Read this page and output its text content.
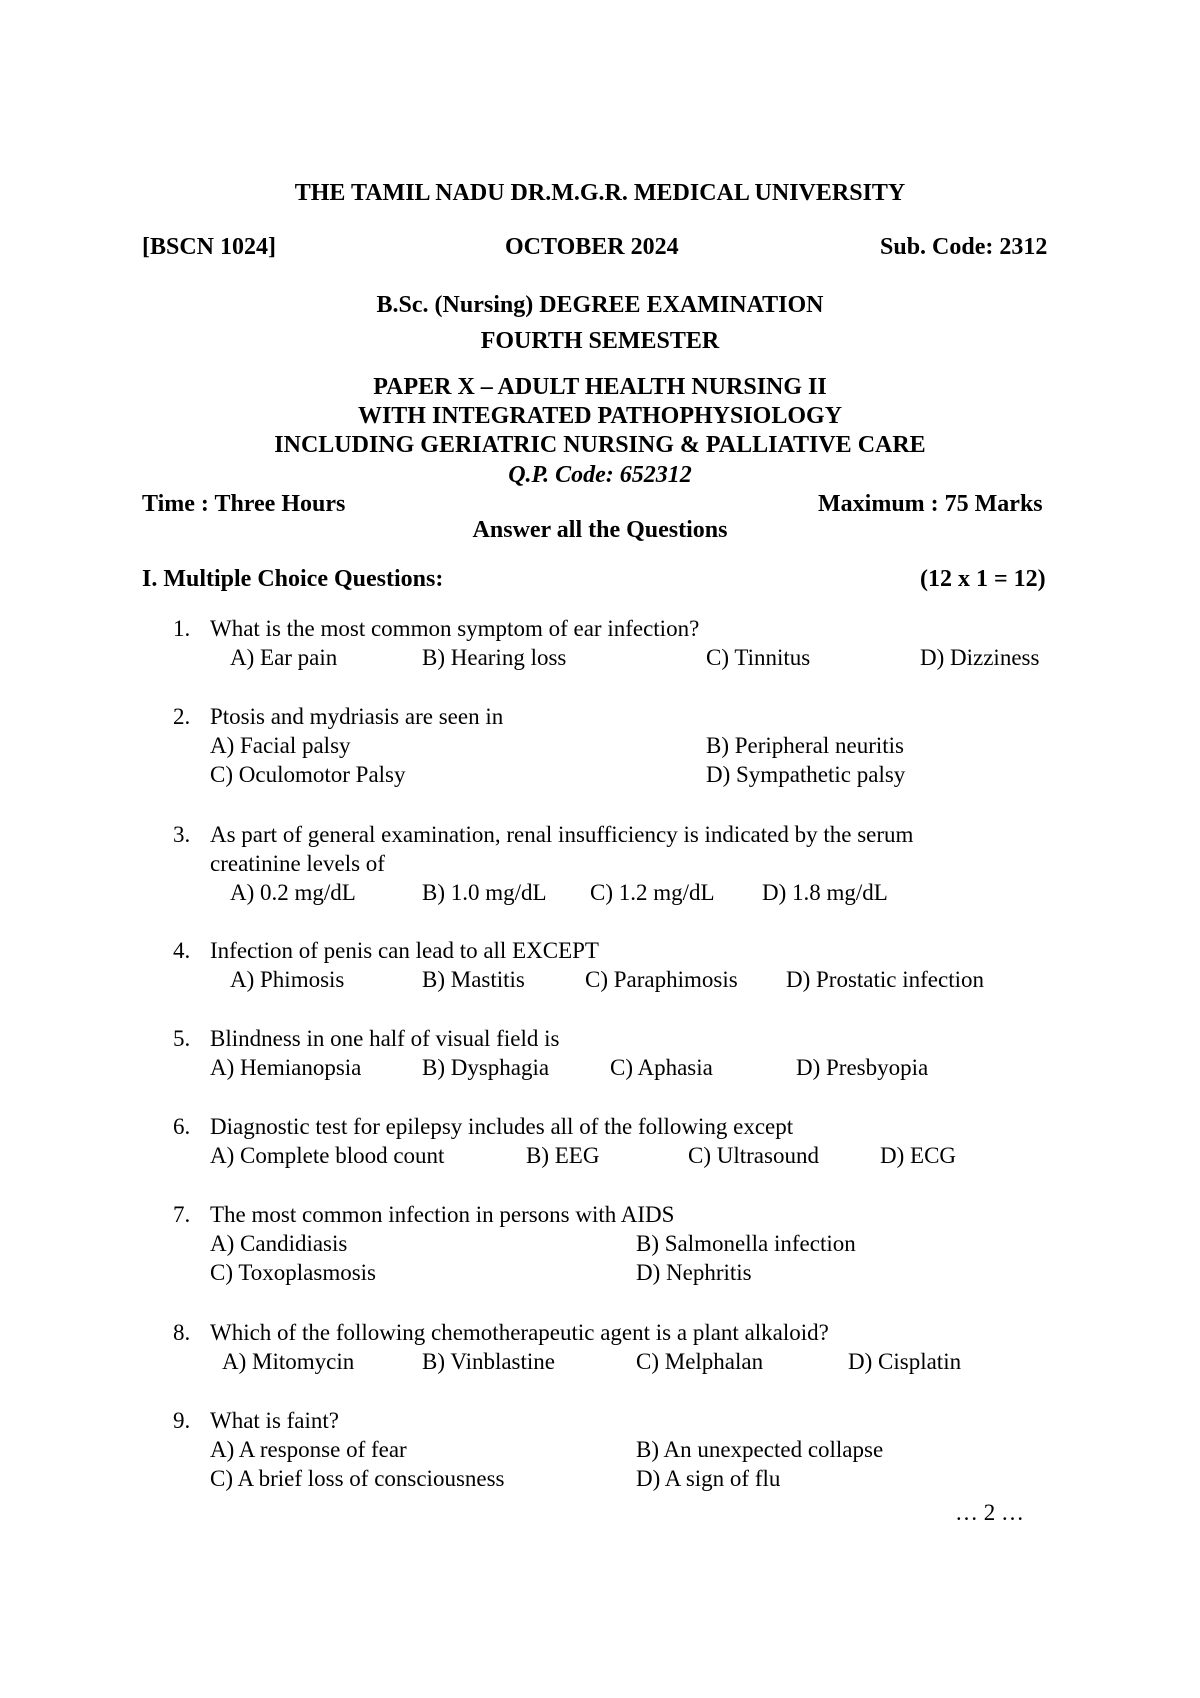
THE TAMIL NADU DR.M.G.R. MEDICAL UNIVERSITY
[BSCN 1024]	OCTOBER 2024	Sub. Code: 2312
B.Sc. (Nursing) DEGREE EXAMINATION
FOURTH SEMESTER
PAPER X – ADULT HEALTH NURSING II
WITH INTEGRATED PATHOPHYSIOLOGY
INCLUDING GERIATRIC NURSING & PALLIATIVE CARE
Q.P. Code: 652312
Time : Three Hours	Maximum : 75 Marks
Answer all the Questions
I. Multiple Choice Questions:	(12 x 1 = 12)
1. What is the most common symptom of ear infection?
A) Ear pain	B) Hearing loss	C) Tinnitus	D) Dizziness
2. Ptosis and mydriasis are seen in
A) Facial palsy	B) Peripheral neuritis
C) Oculomotor Palsy	D) Sympathetic palsy
3. As part of general examination, renal insufficiency is indicated by the serum
creatinine levels of
A) 0.2 mg/dL	B) 1.0 mg/dL C) 1.2 mg/dL D) 1.8 mg/dL
4. Infection of penis can lead to all EXCEPT
A) Phimosis	B) Mastitis	C) Paraphimosis D) Prostatic infection
5. Blindness in one half of visual field is
A) Hemianopsia	B) Dysphagia	C) Aphasia	D) Presbyopia
6. Diagnostic test for epilepsy includes all of the following except
A) Complete blood count	B) EEG	C) Ultrasound	D) ECG
7. The most common infection in persons with AIDS
A) Candidiasis	B) Salmonella infection
C) Toxoplasmosis	D) Nephritis
8. Which of the following chemotherapeutic agent is a plant alkaloid?
A) Mitomycin	B) Vinblastine	C) Melphalan	D) Cisplatin
9. What is faint?
A) A response of fear	B) An unexpected collapse
C) A brief loss of consciousness	D) A sign of flu
… 2 …
